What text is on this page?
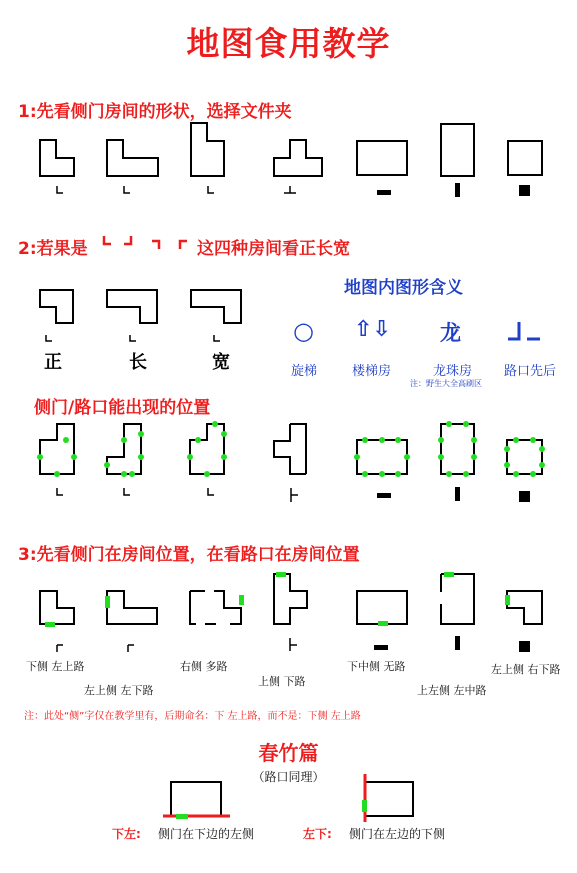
地图食用教学
1:先看侧门房间的形状，选择文件夹
2:若果是	这四种房间看正长宽
正	长	宽
地图内图形含义
○ ⇧⇩ 龙
旋梯	楼梯房	龙珠房 路口先后
注：野生大全高刷区
侧门/路口能出现的位置
3:先看侧门在房间位置，在看路口在房间位置
下侧 左上路
左上侧 左下路
右侧 多路
上侧 下路
下中侧 无路
上左侧 左中路
左上侧 右下路
注：此处“侧”字仅在教学里有，后期命名：下 左上路，而不是：下侧 左上路
春竹篇
（路口同理）
下左: 侧门在下边的左侧	左下: 侧门在左边的下侧
